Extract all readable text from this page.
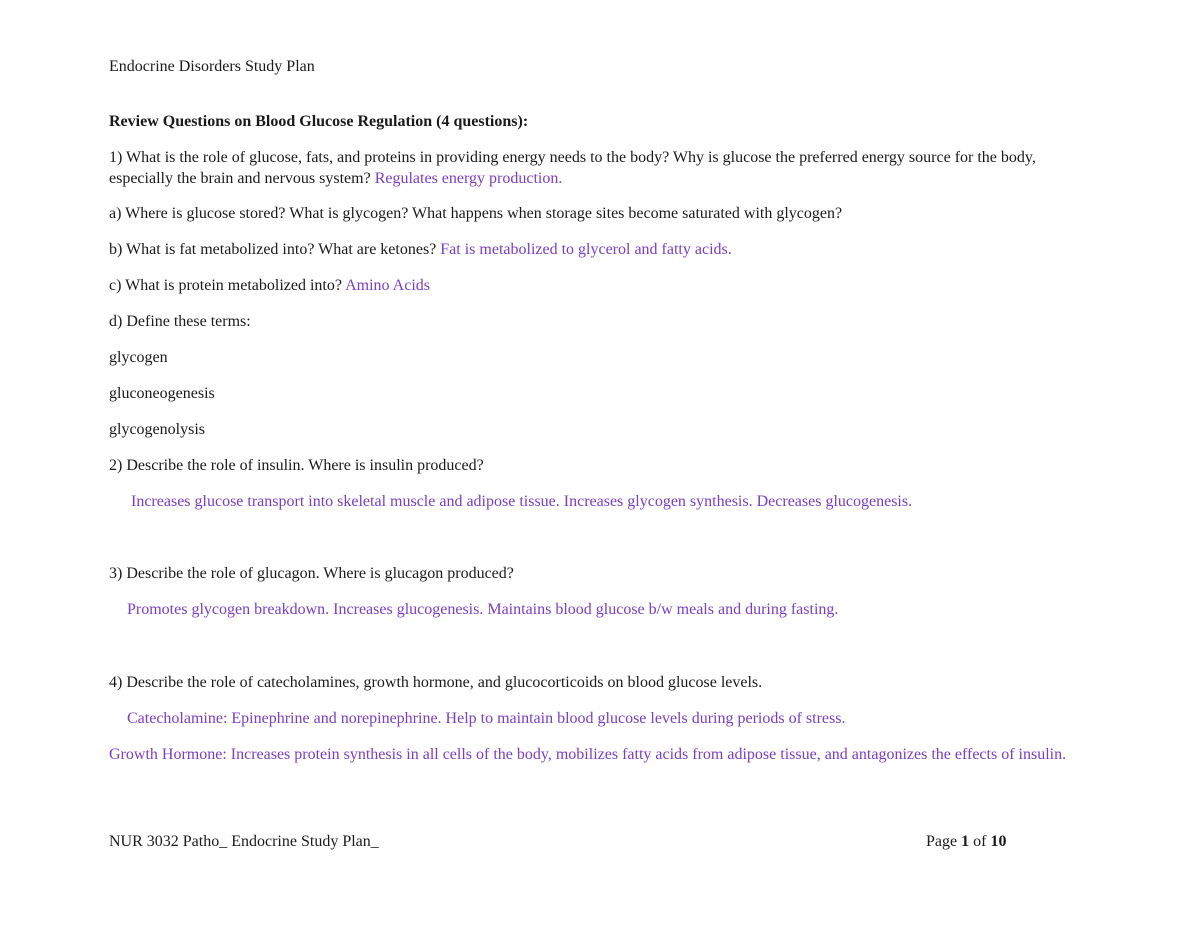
Endocrine Disorders Study Plan
Review Questions on Blood Glucose Regulation (4 questions):
1) What is the role of glucose, fats, and proteins in providing energy needs to the body? Why is glucose the preferred energy source for the body, especially the brain and nervous system? Regulates energy production.
a) Where is glucose stored? What is glycogen? What happens when storage sites become saturated with glycogen?
b) What is fat metabolized into? What are ketones? Fat is metabolized to glycerol and fatty acids.
c) What is protein metabolized into? Amino Acids
d) Define these terms:
glycogen
gluconeogenesis
glycogenolysis
2) Describe the role of insulin. Where is insulin produced?
Increases glucose transport into skeletal muscle and adipose tissue. Increases glycogen synthesis. Decreases glucogenesis.
3) Describe the role of glucagon. Where is glucagon produced?
Promotes glycogen breakdown. Increases glucogenesis. Maintains blood glucose b/w meals and during fasting.
4) Describe the role of catecholamines, growth hormone, and glucocorticoids on blood glucose levels.
Catecholamine: Epinephrine and norepinephrine. Help to maintain blood glucose levels during periods of stress.
Growth Hormone: Increases protein synthesis in all cells of the body, mobilizes fatty acids from adipose tissue, and antagonizes the effects of insulin.
NUR 3032 Patho_ Endocrine Study Plan_	Page 1 of 10
